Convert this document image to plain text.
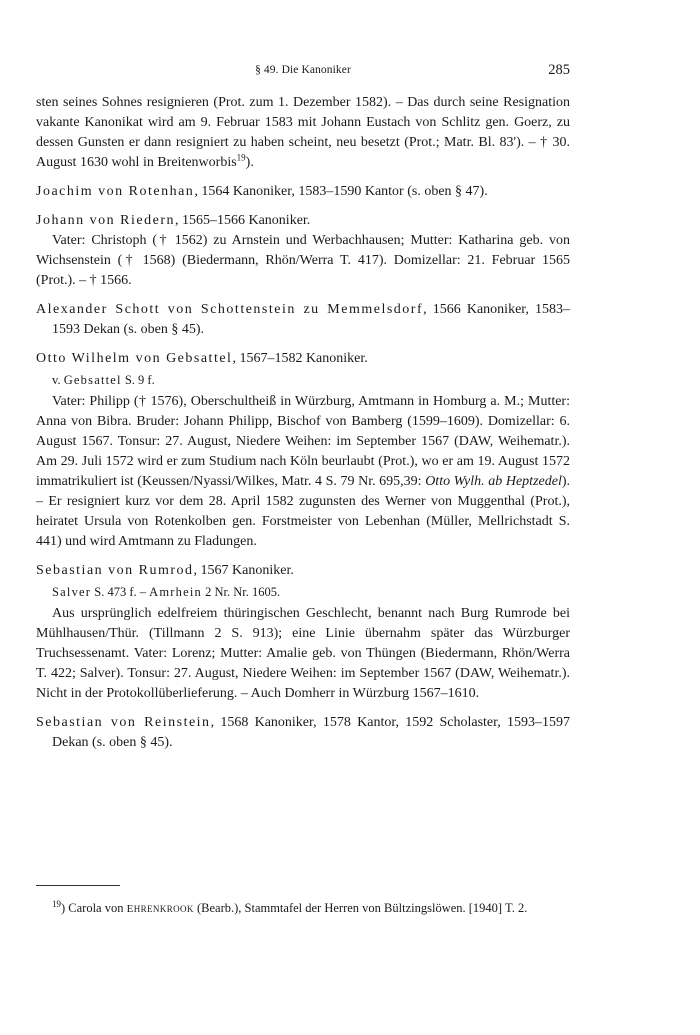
§ 49. Die Kanoniker	285

sten seines Sohnes resignieren (Prot. zum 1. Dezember 1582). – Das durch seine Resignation vakante Kanonikat wird am 9. Februar 1583 mit Johann Eustach von Schlitz gen. Goerz, zu dessen Gunsten er dann resigniert zu haben scheint, neu besetzt (Prot.; Matr. Bl. 83'). – † 30. August 1630 wohl in Breitenworbis$^{19}$).

Joachim von Rotenhan, 1564 Kanoniker, 1583–1590 Kantor (s. oben § 47).

Johann von Riedern, 1565–1566 Kanoniker.

Vater: Christoph († 1562) zu Arnstein und Werbachhausen; Mutter: Katharina geb. von Wichsenstein († 1568) (Biedermann, Rhön/Werra T. 417). Domizellar: 21. Februar 1565 (Prot.). – † 1566.

Alexander Schott von Schottenstein zu Memmelsdorf, 1566 Kanoniker, 1583–1593 Dekan (s. oben § 45).

Otto Wilhelm von Gebsattel, 1567–1582 Kanoniker.

v. Gebsattel S. 9 f.

Vater: Philipp († 1576), Oberschultheiß in Würzburg, Amtmann in Homburg a. M.; Mutter: Anna von Bibra. Bruder: Johann Philipp, Bischof von Bamberg (1599–1609). Domizellar: 6. August 1567. Tonsur: 27. August, Niedere Weihen: im September 1567 (DAW, Weihematr.). Am 29. Juli 1572 wird er zum Studium nach Köln beurlaubt (Prot.), wo er am 19. August 1572 immatrikuliert ist (Keussen/Nyassi/Wilkes, Matr. 4 S. 79 Nr. 695,39: Otto Wylh. ab Heptzedel). – Er resigniert kurz vor dem 28. April 1582 zugunsten des Werner von Muggenthal (Prot.), heiratet Ursula von Rotenkolben gen. Forstmeister von Lebenhan (Müller, Mellrichstadt S. 441) und wird Amtmann zu Fladungen.

Sebastian von Rumrod, 1567 Kanoniker.

Salver S. 473 f. – Amrhein 2 Nr. Nr. 1605.

Aus ursprünglich edelfreiem thüringischen Geschlecht, benannt nach Burg Rumrode bei Mühlhausen/Thür. (Tillmann 2 S. 913); eine Linie übernahm später das Würzburger Truchsessenamt. Vater: Lorenz; Mutter: Amalie geb. von Thüngen (Biedermann, Rhön/Werra T. 422; Salver). Tonsur: 27. August, Niedere Weihen: im September 1567 (DAW, Weihematr.). Nicht in der Protokollüberlieferung. – Auch Domherr in Würzburg 1567–1610.

Sebastian von Reinstein, 1568 Kanoniker, 1578 Kantor, 1592 Scholaster, 1593–1597 Dekan (s. oben § 45).

$^{19}$) Carola von EHRENKROOK (Bearb.), Stammtafel der Herren von Bültzingslöwen. [1940] T. 2.
